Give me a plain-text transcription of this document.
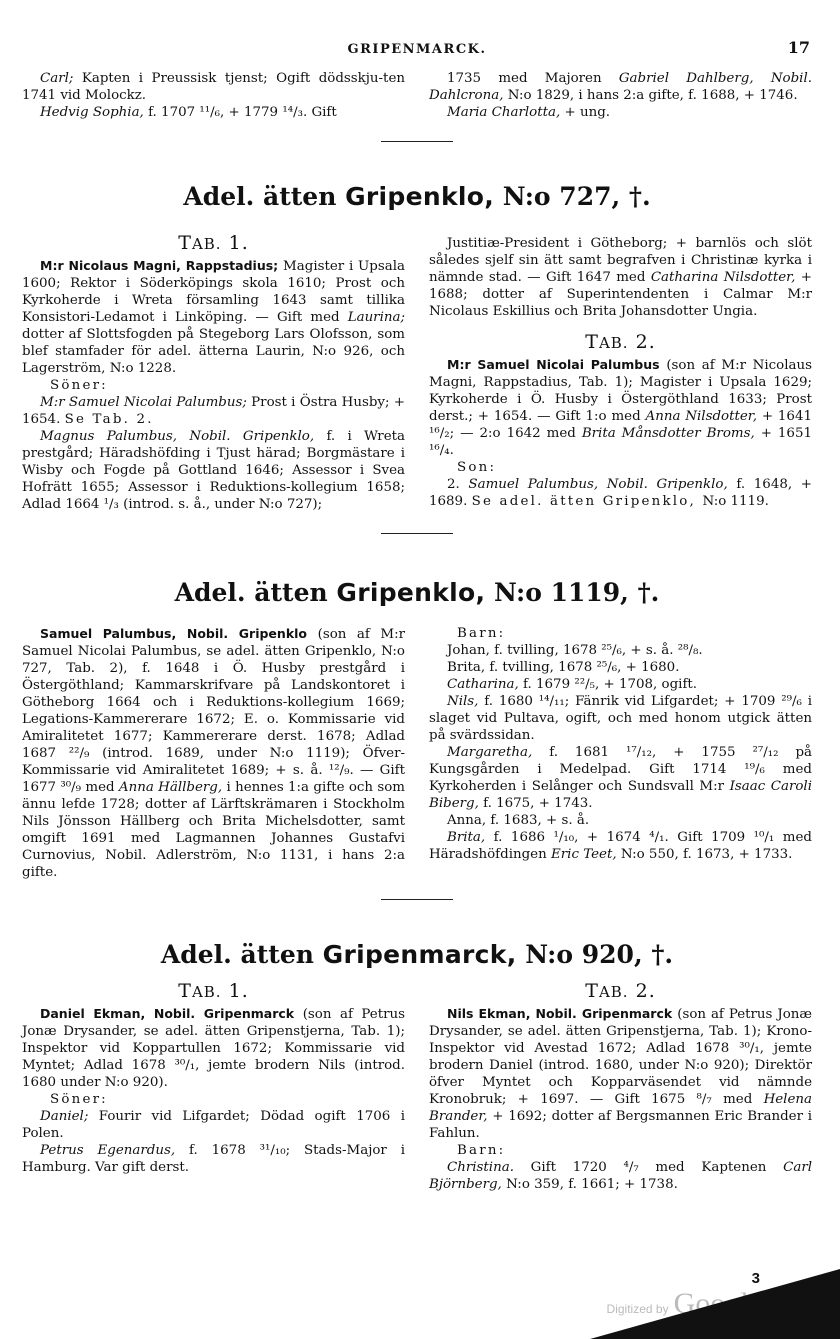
GRIPENMARCK.	17

Carl; Kapten i Preussisk tjenst; Ogift dödsskju-ten 1741 vid Molockz.

Hedvig Sophia, f. 1707 ¹¹/₆, + 1779 ¹⁴/₃. Gift

1735 med Majoren Gabriel Dahlberg, Nobil. Dahlcrona, N:o 1829, i hans 2:a gifte, f. 1688, + 1746.

Maria Charlotta, + ung.

Adel. ätten Gripenklo, N:o 727, †.
TAB. 1.

M:r Nicolaus Magni, Rappstadius; Magister i Upsala 1600; Rektor i Söderköpings skola 1610; Prost och Kyrkoherde i Wreta församling 1643 samt tillika Konsistori-Ledamot i Linköping. — Gift med Laurina; dotter af Slottsfogden på Stegeborg Lars Olofsson, som blef stamfader för adel. ätterna Laurin, N:o 926, och Lagerström, N:o 1228.

Söner:

M:r Samuel Nicolai Palumbus; Prost i Östra Husby; + 1654. Se Tab. 2.

Magnus Palumbus, Nobil. Gripenklo, f. i Wreta prestgård; Häradshöfding i Tjust härad; Borgmästare i Wisby och Fogde på Gottland 1646; Assessor i Svea Hofrätt 1655; Assessor i Reduktions-kollegium 1658; Adlad 1664 ¹/₃ (introd. s. å., under N:o 727);

Justitiæ-President i Götheborg; + barnlös och slöt således sjelf sin ätt samt begrafven i Christinæ kyrka i nämnde stad. — Gift 1647 med Catharina Nilsdotter, + 1688; dotter af Superintendenten i Calmar M:r Nicolaus Eskillius och Brita Johansdotter Ungia.

TAB. 2.

M:r Samuel Nicolai Palumbus (son af M:r Nicolaus Magni, Rappstadius, Tab. 1); Magister i Upsala 1629; Kyrkoherde i Ö. Husby i Östergöthland 1633; Prost derst.; + 1654. — Gift 1:o med Anna Nilsdotter, + 1641 ¹⁶/₂; — 2:o 1642 med Brita Månsdotter Broms, + 1651 ¹⁶/₄.

Son:

2. Samuel Palumbus, Nobil. Gripenklo, f. 1648, + 1689. Se adel. ätten Gripenklo, N:o 1119.

Adel. ätten Gripenklo, N:o 1119, †.

Samuel Palumbus, Nobil. Gripenklo (son af M:r Samuel Nicolai Palumbus, se adel. ätten Gripenklo, N:o 727, Tab. 2), f. 1648 i Ö. Husby prestgård i Östergöthland; Kammarskrifvare på Landskontoret i Götheborg 1664 och i Reduktions-kollegium 1669; Legations-Kammererare 1672; E. o. Kommissarie vid Amiralitetet 1677; Kammererare derst. 1678; Adlad 1687 ²²/₉ (introd. 1689, under N:o 1119); Öfver-Kommissarie vid Amiralitetet 1689; + s. å. ¹²/₉. — Gift 1677 ³⁰/₉ med Anna Hällberg, i hennes 1:a gifte och som ännu lefde 1728; dotter af Lärftskrämaren i Stockholm Nils Jönsson Hällberg och Brita Michelsdotter, samt omgift 1691 med Lagmannen Johannes Gustafvi Curnovius, Nobil. Adlerström, N:o 1131, i hans 2:a gifte.

Barn:

Johan, f. tvilling, 1678 ²⁵/₆, + s. å. ²⁸/₈.

Brita, f. tvilling, 1678 ²⁵/₆, + 1680.

Catharina, f. 1679 ²²/₅, + 1708, ogift.

Nils, f. 1680 ¹⁴/₁₁; Fänrik vid Lifgardet; + 1709 ²⁹/₆ i slaget vid Pultava, ogift, och med honom utgick ätten på svärdssidan.

Margaretha, f. 1681 ¹⁷/₁₂, + 1755 ²⁷/₁₂ på Kungsgården i Medelpad. Gift 1714 ¹⁹/₆ med Kyrkoherden i Selånger och Sundsvall M:r Isaac Caroli Biberg, f. 1675, + 1743.

Anna, f. 1683, + s. å.

Brita, f. 1686 ¹/₁₀, + 1674 ⁴/₁. Gift 1709 ¹⁰/₁ med Häradshöfdingen Eric Teet, N:o 550, f. 1673, + 1733.

Adel. ätten Gripenmarck, N:o 920, †.
TAB. 1.

Daniel Ekman, Nobil. Gripenmarck (son af Petrus Jonæ Drysander, se adel. ätten Gripenstjerna, Tab. 1); Inspektor vid Koppartullen 1672; Kommissarie vid Myntet; Adlad 1678 ³⁰/₁, jemte brodern Nils (introd. 1680 under N:o 920).

Söner:

Daniel; Fourir vid Lifgardet; Dödad ogift 1706 i Polen.

Petrus Egenardus, f. 1678 ³¹/₁₀; Stads-Major i Hamburg. Var gift derst.

TAB. 2.

Nils Ekman, Nobil. Gripenmarck (son af Petrus Jonæ Drysander, se adel. ätten Gripenstjerna, Tab. 1); Krono-Inspektor vid Avestad 1672; Adlad 1678 ³⁰/₁, jemte brodern Daniel (introd. 1680, under N:o 920); Direktör öfver Myntet och Kopparväsendet vid nämnde Kronobruk; + 1697. — Gift 1675 ⁸/₇ med Helena Brander, + 1692; dotter af Bergsmannen Eric Brander i Fahlun.

Barn:

Christina. Gift 1720 ⁴/₇ med Kaptenen Carl Björnberg, N:o 359, f. 1661; + 1738.

3
Digitized by Google
